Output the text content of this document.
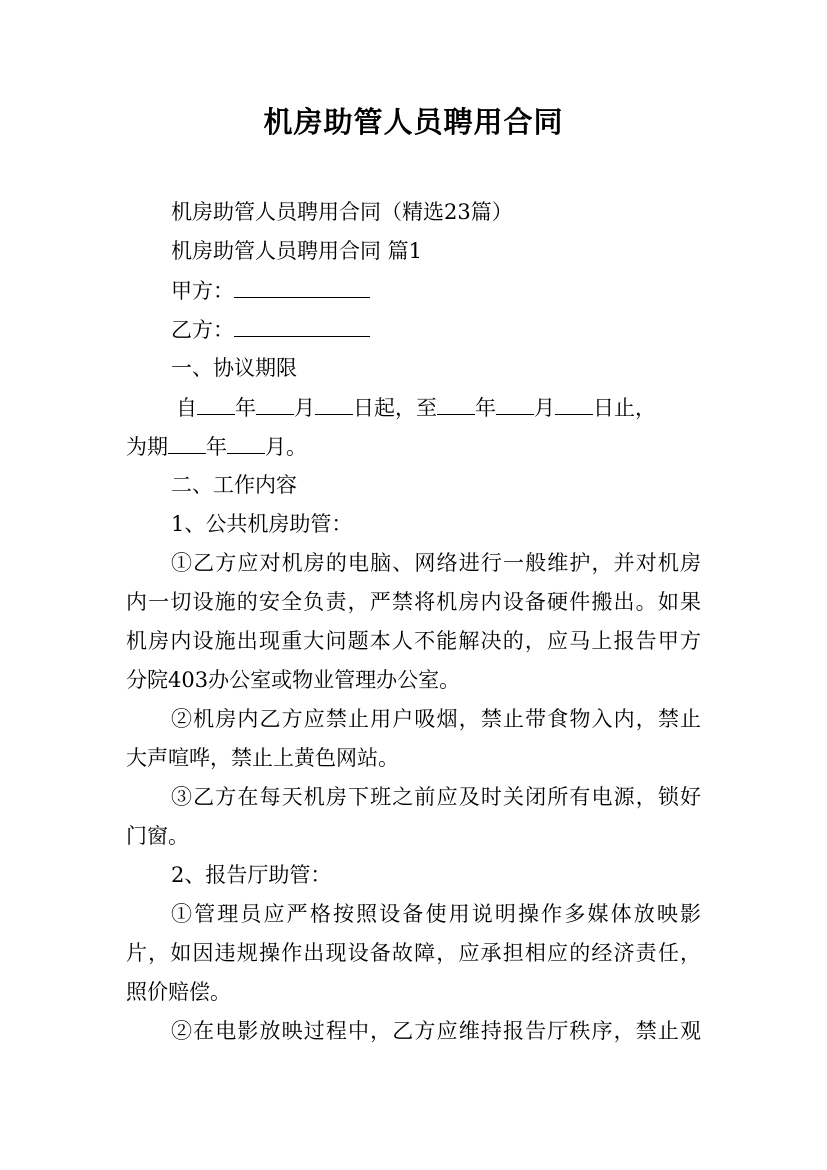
机房助管人员聘用合同
机房助管人员聘用合同（精选23篇）
机房助管人员聘用合同 篇1
甲方：
乙方：
一、协议期限
自 年 月 日起，至 年 月 日止，
为期 年 月。
二、工作内容
1、公共机房助管：
①乙方应对机房的电脑、网络进行一般维护，并对机房
内一切设施的安全负责，严禁将机房内设备硬件搬出。如果
机房内设施出现重大问题本人不能解决的，应马上报告甲方
分院403办公室或物业管理办公室。
②机房内乙方应禁止用户吸烟，禁止带食物入内，禁止
大声喧哗，禁止上黄色网站。
③乙方在每天机房下班之前应及时关闭所有电源，锁好
门窗。
2、报告厅助管：
①管理员应严格按照设备使用说明操作多媒体放映影
片，如因违规操作出现设备故障，应承担相应的经济责任，
照价赔偿。
②在电影放映过程中，乙方应维持报告厅秩序，禁止观
